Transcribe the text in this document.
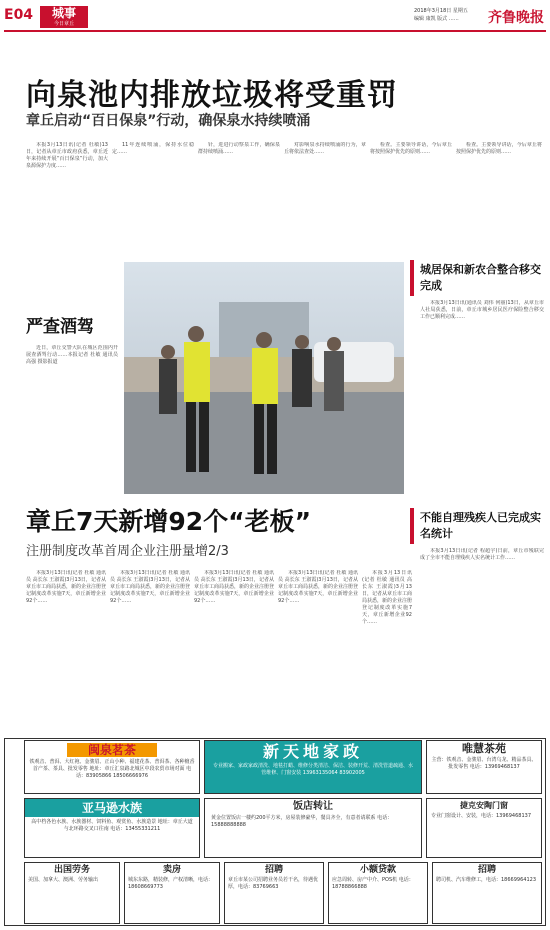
E04	城事
今日章丘
2018年3月18日 星期五
编辑 康凯 版式 ……	齐鲁晚报
向泉池内排放垃圾将受重罚
章丘启动“百日保泉”行动，确保泉水持续喷涌

本报3月13日讯(记者 杜敏)13日，记者从章丘市政府获悉，章丘近年来持续开展“百日保泉”行动，加大泉源保护力度……

11年连续喷涌，保持水位稳定……

针，进进行动察泉工作，确保泉群持续喷涌……

对影响泉水持续喷涌的行为，章丘将依法查处……

检查。主要领导讲话，今后章丘将按照保护优先的原则……

检查。主要领导讲话，今后章丘将按照保护优先的原则……

严查酒驾

近日，章丘交警大队在城区范围内开展查酒驾行动……本报记者 杜敏 通讯员 高强 摄影报道

城居保和新农合整合移交完成

本报3月13日讯(通讯员 刘伟 何丽)13日，从章丘市人社局获悉，日前，章丘市城乡居民医疗保险整合移交工作已顺利完成……

不能自理残疾人已完成实名统计

本报3月13日讯(记者 程超宇)日前，章丘市残联完成了全市不能自理残疾人实名统计工作……

章丘7天新增92个“老板”
注册制度改革首周企业注册量增2/3

本报3月13日讯(记者 杜敏 通讯员 高长东 王淑霞)3月13日，记者从章丘市工商局获悉，新的企业注册登记制度改革实施7天，章丘新增企业92个……

本报3月13日讯(记者 杜敏 通讯员 高长东 王淑霞)3月13日，记者从章丘市工商局获悉，新的企业注册登记制度改革实施7天，章丘新增企业92个……

本报3月13日讯(记者 杜敏 通讯员 高长东 王淑霞)3月13日，记者从章丘市工商局获悉，新的企业注册登记制度改革实施7天，章丘新增企业92个……

本报3月13日讯(记者 杜敏 通讯员 高长东 王淑霞)3月13日，记者从章丘市工商局获悉，新的企业注册登记制度改革实施7天，章丘新增企业92个……

本报3月13日讯(记者 杜敏 通讯员 高长东 王淑霞)3月13日，记者从章丘市工商局获悉，新的企业注册登记制度改革实施7天，章丘新增企业92个……

闽泉茗茶
铁观音、普洱、大红袍、金骏眉、正山小种、福建花茶、普洱茶、各种檀香 首产茶、茶具、批发零售 地址：章丘汇泉路北城区中段农贸市场对面 电话：83905866 18506666976
新天地家政
专业搬家、家政家政清洗、地毯打蜡、维修分类清洁、保洁、装修开荒、清洗管道疏通、水管维修、门窗安装 13963135064 83902005
唯慧茶苑
主营：铁观音、金骏眉、台湾乌龙、精品茶具、批发零售 电话：13969468137
亚马逊水族
高中档各色水族、水族器材、饲料鱼、观赏鱼、水族造景 地址：章丘大道与北环路交叉口往南 电话：13455331211
饭店转让
黄金位置饭店一楼约200平方米，房屋装修豪华，餐具齐全，有意者请联系 电话：15888888888
捷克安陶门窗
专业门窗设计、安装，电话：13969468137
出国劳务
美国、加拿大、澳洲、劳务输出
卖房
城东东路，精装修，产权清晰，电话：18608669773
招聘
章丘市某公司招聘业务员若干名，待遇优厚，电话：83769663
小额贷款
应急周转、房产中介、POS机 电话：18788866888
招聘
聘司机、汽车维修工，电话：18669964123
